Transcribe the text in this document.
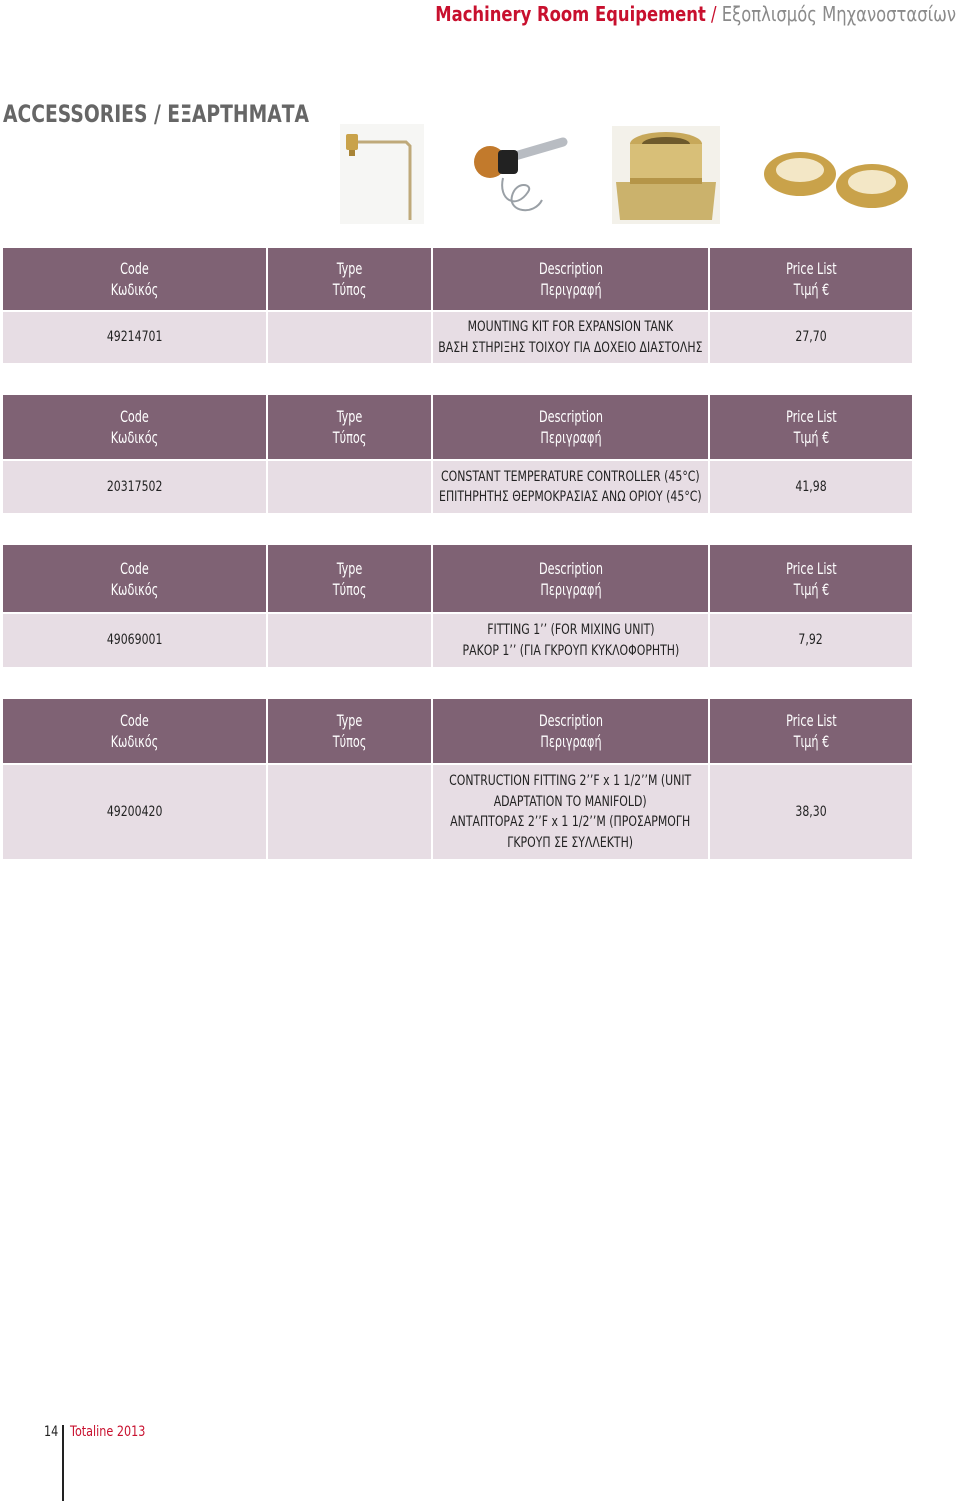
Machinery Room Equipement / Εξοπλισμός Μηχανοστασίων
ACCESSORIES / ΕΞΑΡΤΗΜΑΤΑ
Code
Κωδικός
Type
Τύπος
Description
Περιγραφή
Price List
Τιμή €
49214701
MOUNTING KIT FOR EXPANSION TANK
ΒΑΣΗ ΣΤΗΡΙΞΗΣ ΤΟΙΧΟΥ ΓΙΑ ΔΟΧΕΙΟ ΔΙΑΣΤΟΛΗΣ
27,70
Code
Κωδικός
Type
Τύπος
Description
Περιγραφή
Price List
Τιμή €
20317502
CONSTANT TEMPERATURE CONTROLLER (45°C)
ΕΠΙΤΗΡΗΤΗΣ ΘΕΡΜΟΚΡΑΣΙΑΣ ΑΝΩ ΟΡΙΟΥ (45°C)
41,98
Code
Κωδικός
Type
Τύπος
Description
Περιγραφή
Price List
Τιμή €
49069001
FITTING 1’’ (FOR MIXING UNIT)
ΡΑΚΟΡ 1’’ (ΓΙΑ ΓΚΡΟΥΠ ΚΥΚΛΟΦΟΡΗΤΗ)
7,92
Code
Κωδικός
Type
Τύπος
Description
Περιγραφή
Price List
Τιμή €
49200420
CONTRUCTION FITTING 2’’F x 1 1/2’’M (UNIT
ADAPTATION TO MANIFOLD)
ΑΝΤΑΠΤΟΡΑΣ 2’’F x 1 1/2’’M (ΠΡΟΣΑΡΜΟΓΗ
ΓΚΡΟΥΠ ΣΕ ΣΥΛΛΕΚΤΗ)
38,30
14 Totaline 2013
